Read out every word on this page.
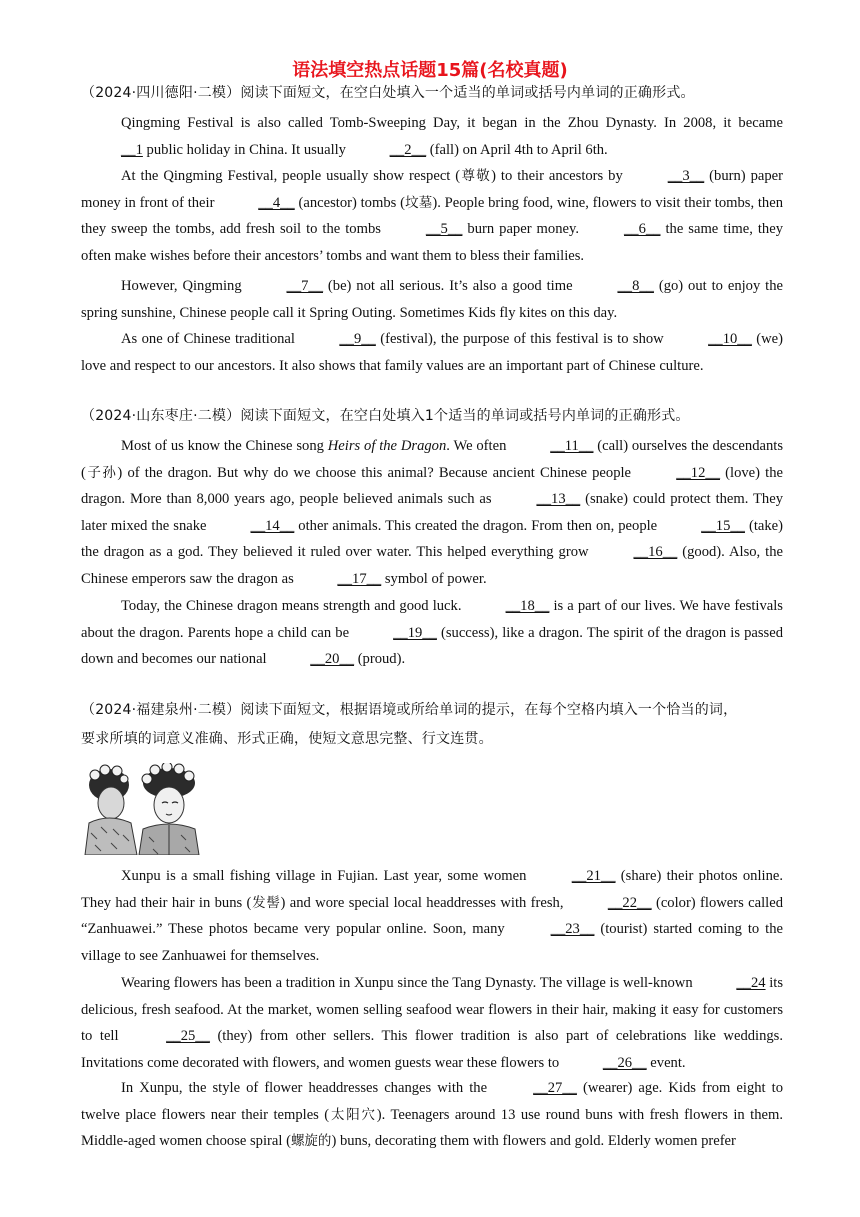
语法填空热点话题15篇(名校真题)
（2024·四川德阳·二模）阅读下面短文，在空白处填入一个适当的单词或括号内单词的正确形式。
Qingming Festival is also called Tomb-Sweeping Day, it began in the Zhou Dynasty. In 2008, it became __1 public holiday in China. It usually	__2__ (fall) on April 4th to April 6th.
At the Qingming Festival, people usually show respect (尊敬) to their ancestors by	__3__ (burn) paper money in front of their	__4__ (ancestor) tombs (坟墓). People bring food, wine, flowers to visit their tombs, then they sweep the tombs, add fresh soil to the tombs	__5__ burn paper money.	__6__ the same time, they often make wishes before their ancestors’ tombs and want them to bless their families.
However, Qingming	__7__ (be) not all serious. It’s also a good time	__8__ (go) out to enjoy the spring sunshine, Chinese people call it Spring Outing. Sometimes Kids fly kites on this day.
As one of Chinese traditional	__9__ (festival), the purpose of this festival is to show	__10__ (we) love and respect to our ancestors. It also shows that family values are an important part of Chinese culture.
（2024·山东枣庄·二模）阅读下面短文，在空白处填入1个适当的单词或括号内单词的正确形式。
Most of us know the Chinese song Heirs of the Dragon. We often	__11__ (call) ourselves the descendants (子孙) of the dragon. But why do we choose this animal? Because ancient Chinese people	__12__ (love) the dragon. More than 8,000 years ago, people believed animals such as	__13__ (snake) could protect them. They later mixed the snake	__14__ other animals. This created the dragon. From then on, people	__15__ (take) the dragon as a god. They believed it ruled over water. This helped everything grow	__16__ (good). Also, the Chinese emperors saw the dragon as	__17__ symbol of power.
Today, the Chinese dragon means strength and good luck.	__18__ is a part of our lives. We have festivals about the dragon. Parents hope a child can be	__19__ (success), like a dragon. The spirit of the dragon is passed down and becomes our national	__20__ (proud).
（2024·福建泉州·二模）阅读下面短文，根据语境或所给单词的提示，在每个空格内填入一个恰当的词，
要求所填的词意义准确、形式正确，使短文意思完整、行文连贯。
Xunpu is a small fishing village in Fujian. Last year, some women	__21__ (share) their photos online. They had their hair in buns (发髻) and wore special local headdresses with fresh,	__22__ (color) flowers called “Zanhuawei.” These photos became very popular online. Soon, many	__23__ (tourist) started coming to the village to see Zanhuawei for themselves.
Wearing flowers has been a tradition in Xunpu since the Tang Dynasty. The village is well-known	__24 its delicious, fresh seafood. At the market, women selling seafood wear flowers in their hair, making it easy for customers to tell	__25__ (they) from other sellers. This flower tradition is also part of celebrations like weddings. Invitations come decorated with flowers, and women guests wear these flowers to	__26__ event.
In Xunpu, the style of flower headdresses changes with the	__27__ (wearer) age. Kids from eight to twelve place flowers near their temples (太阳穴). Teenagers around 13 use round buns with fresh flowers in them. Middle-aged women choose spiral (螺旋的) buns, decorating them with flowers and gold. Elderly women prefer
